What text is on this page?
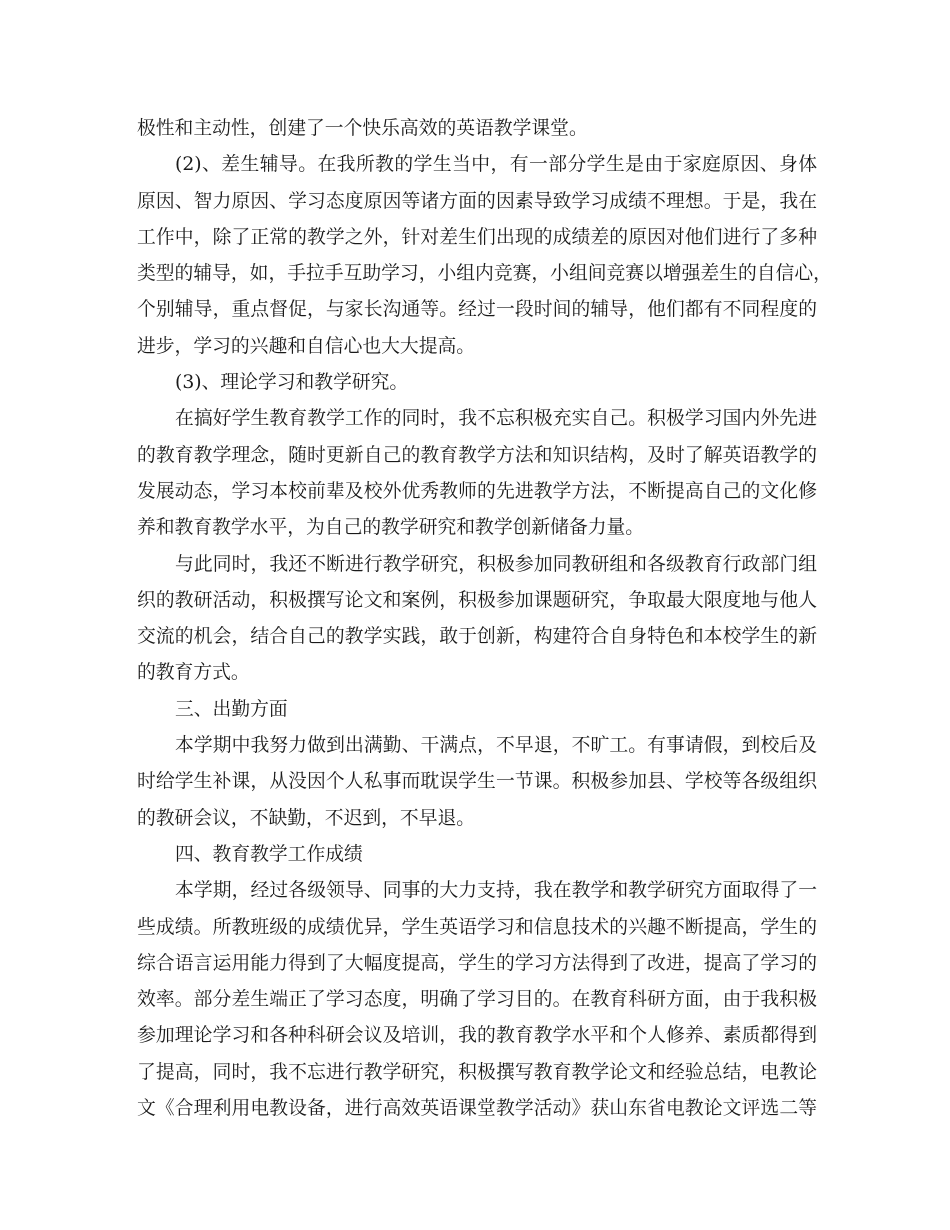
极性和主动性，创建了一个快乐高效的英语教学课堂。
(2)、差生辅导。在我所教的学生当中，有一部分学生是由于家庭原因、身体
原因、智力原因、学习态度原因等诸方面的因素导致学习成绩不理想。于是，我在
工作中，除了正常的教学之外，针对差生们出现的成绩差的原因对他们进行了多种
类型的辅导，如，手拉手互助学习，小组内竞赛，小组间竞赛以增强差生的自信心，
个别辅导，重点督促，与家长沟通等。经过一段时间的辅导，他们都有不同程度的
进步，学习的兴趣和自信心也大大提高。
(3)、理论学习和教学研究。
在搞好学生教育教学工作的同时，我不忘积极充实自己。积极学习国内外先进
的教育教学理念，随时更新自己的教育教学方法和知识结构，及时了解英语教学的
发展动态，学习本校前辈及校外优秀教师的先进教学方法，不断提高自己的文化修
养和教育教学水平，为自己的教学研究和教学创新储备力量。
与此同时，我还不断进行教学研究，积极参加同教研组和各级教育行政部门组
织的教研活动，积极撰写论文和案例，积极参加课题研究，争取最大限度地与他人
交流的机会，结合自己的教学实践，敢于创新，构建符合自身特色和本校学生的新
的教育方式。
三、出勤方面
本学期中我努力做到出满勤、干满点，不早退，不旷工。有事请假，到校后及
时给学生补课，从没因个人私事而耽误学生一节课。积极参加县、学校等各级组织
的教研会议，不缺勤，不迟到，不早退。
四、教育教学工作成绩
本学期，经过各级领导、同事的大力支持，我在教学和教学研究方面取得了一
些成绩。所教班级的成绩优异，学生英语学习和信息技术的兴趣不断提高，学生的
综合语言运用能力得到了大幅度提高，学生的学习方法得到了改进，提高了学习的
效率。部分差生端正了学习态度，明确了学习目的。在教育科研方面，由于我积极
参加理论学习和各种科研会议及培训，我的教育教学水平和个人修养、素质都得到
了提高，同时，我不忘进行教学研究，积极撰写教育教学论文和经验总结，电教论
文《合理利用电教设备，进行高效英语课堂教学活动》获山东省电教论文评选二等
